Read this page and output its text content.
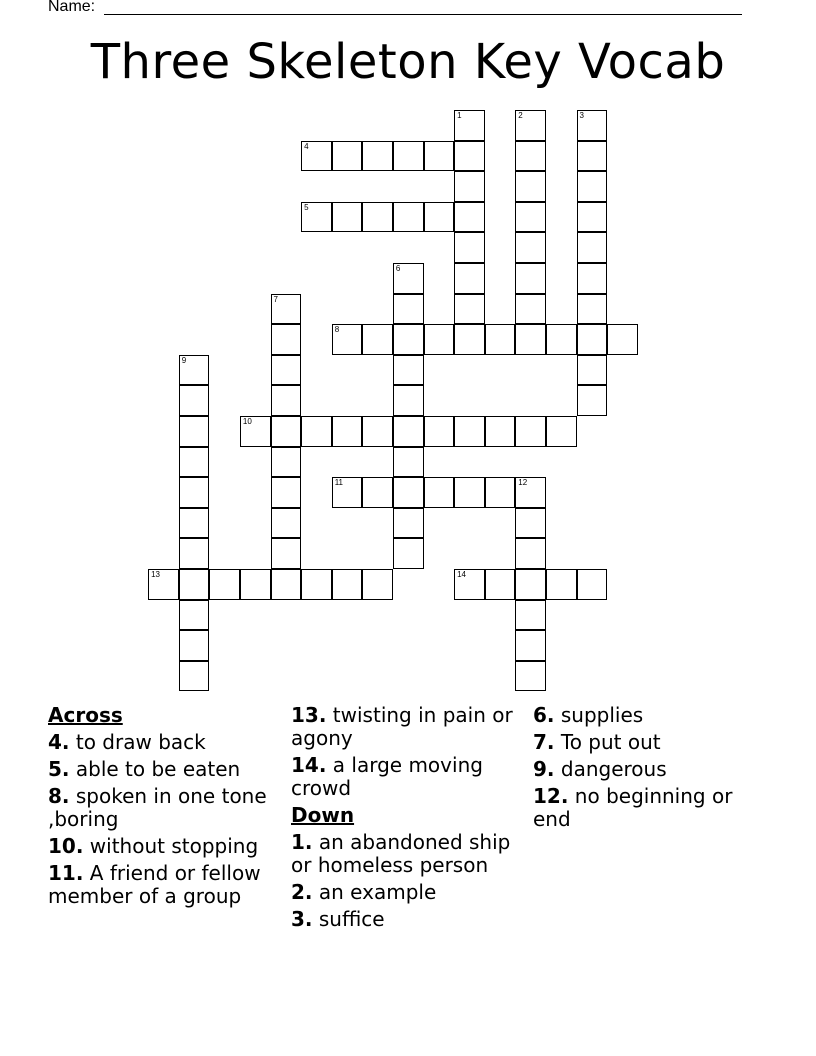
Name:
Three Skeleton Key Vocab
1	2	3
4
5
6
7
8
9
10
11	12
13	14
Across
4. to draw back
5. able to be eaten
8. spoken in one tone ,boring
10. without stopping
11. A friend or fellow member of a group
13. twisting in pain or agony
14. a large moving crowd
Down
1. an abandoned ship or homeless person
2. an example
3. suffice
6. supplies
7. To put out
9. dangerous
12. no beginning or end
